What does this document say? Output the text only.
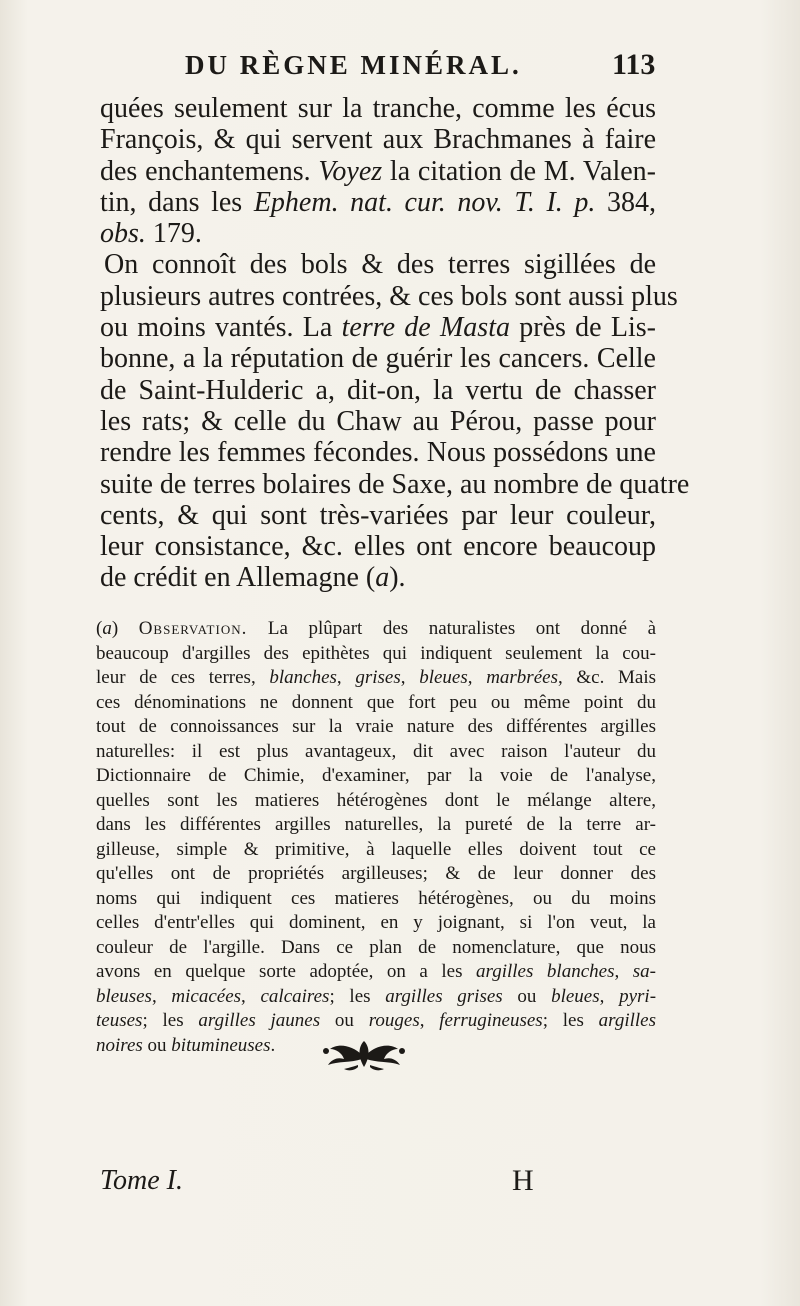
DU RÈGNE MINÉRAL.	113
quées seulement sur la tranche, comme les écus
François, & qui servent aux Brachmanes à faire
des enchantemens. Voyez la citation de M. Valen-
tin, dans les Ephem. nat. cur. nov. T. I. p. 384,
obs. 179.
On connoît des bols & des terres sigillées de
plusieurs autres contrées, & ces bols sont aussi plus
ou moins vantés. La terre de Masta près de Lis-
bonne, a la réputation de guérir les cancers. Celle
de Saint-Hulderic a, dit-on, la vertu de chasser
les rats; & celle du Chaw au Pérou, passe pour
rendre les femmes fécondes. Nous possédons une
suite de terres bolaires de Saxe, au nombre de quatre
cents, & qui sont très-variées par leur couleur,
leur consistance, &c. elles ont encore beaucoup
de crédit en Allemagne (a).
(a) Observation. La plûpart des naturalistes ont donné à
beaucoup d'argilles des epithètes qui indiquent seulement la cou-
leur de ces terres, blanches, grises, bleues, marbrées, &c. Mais
ces dénominations ne donnent que fort peu ou même point du
tout de connoissances sur la vraie nature des différentes argilles
naturelles: il est plus avantageux, dit avec raison l'auteur du
Dictionnaire de Chimie, d'examiner, par la voie de l'analyse,
quelles sont les matieres hétérogènes dont le mélange altere,
dans les différentes argilles naturelles, la pureté de la terre ar-
gilleuse, simple & primitive, à laquelle elles doivent tout ce
qu'elles ont de propriétés argilleuses; & de leur donner des
noms qui indiquent ces matieres hétérogènes, ou du moins
celles d'entr'elles qui dominent, en y joignant, si l'on veut, la
couleur de l'argille. Dans ce plan de nomenclature, que nous
avons en quelque sorte adoptée, on a les argilles blanches, sa-
bleuses, micacées, calcaires; les argilles grises ou bleues, pyri-
teuses; les argilles jaunes ou rouges, ferrugineuses; les argilles
noires ou bitumineuses.
Tome I.	H
